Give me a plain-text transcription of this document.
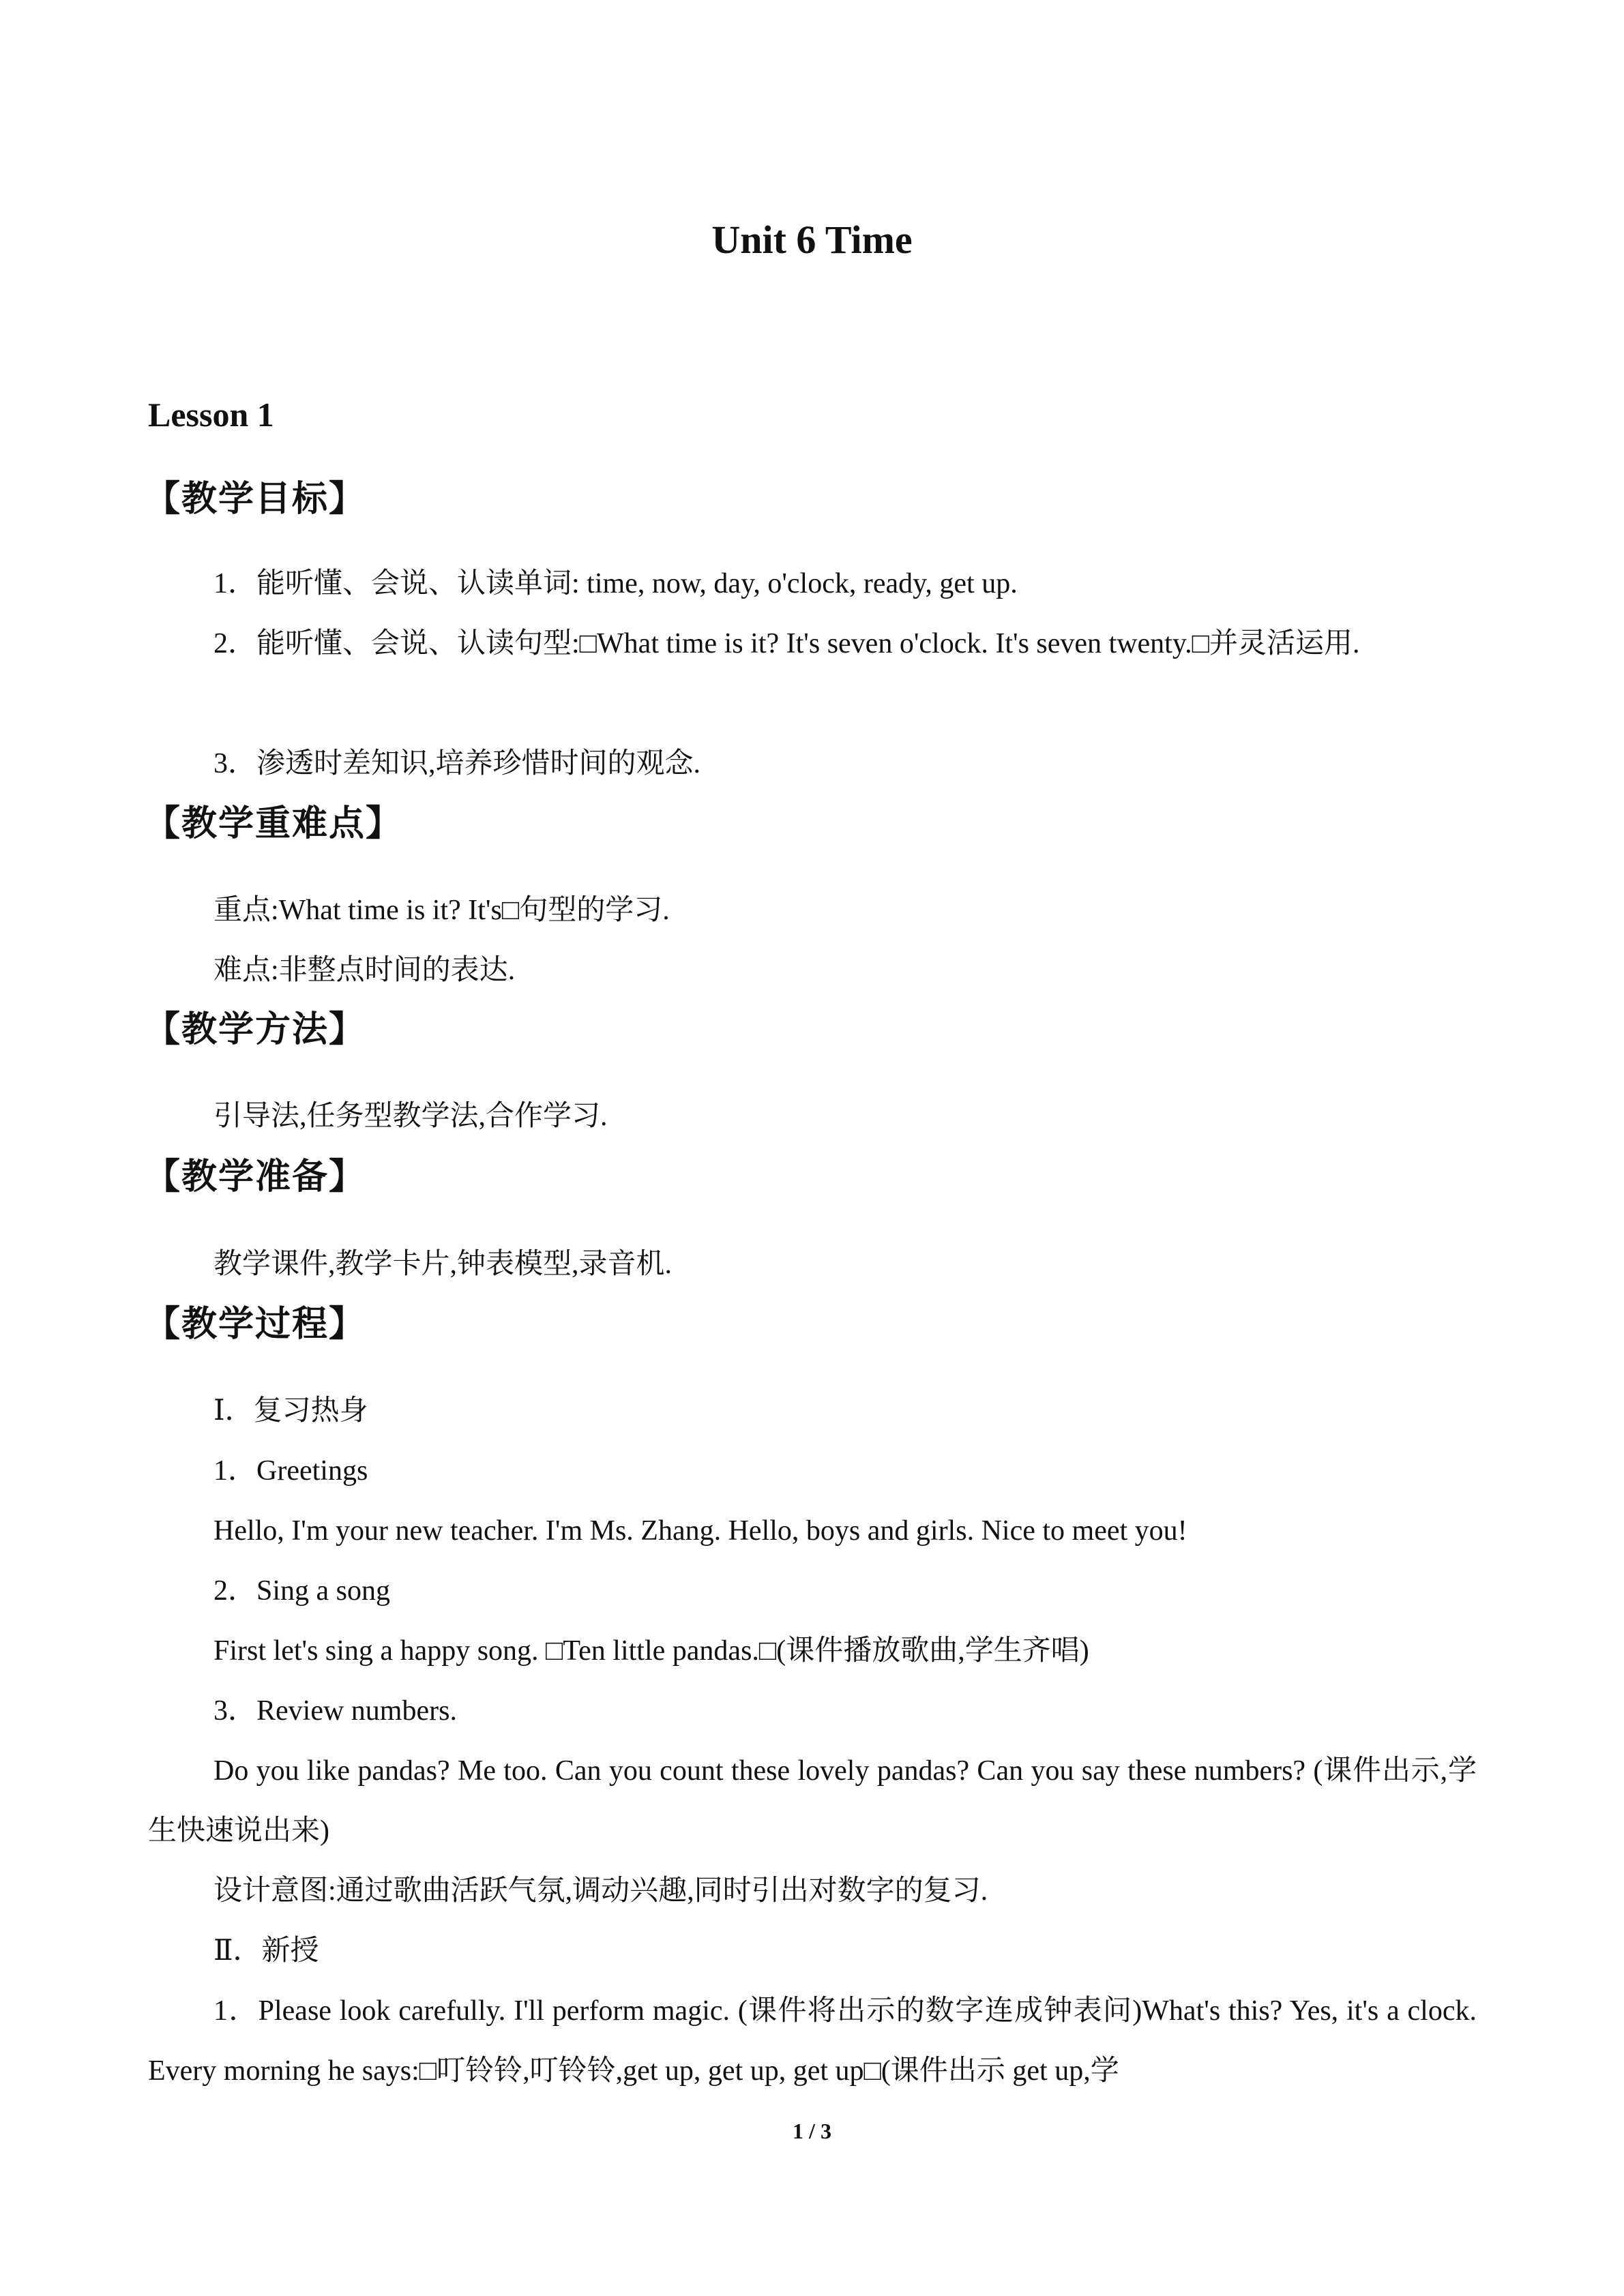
Unit 6 Time
Lesson 1
【教学目标】

1．能听懂、会说、认读单词: time, now, day, o'clock, ready, get up.

2．能听懂、会说、认读句型:□What time is it? It's seven o'clock. It's seven twenty.□并灵活运用.

3．渗透时差知识,培养珍惜时间的观念.

【教学重难点】

重点:What time is it? It's□句型的学习.

难点:非整点时间的表达.

【教学方法】

引导法,任务型教学法,合作学习.

【教学准备】

教学课件,教学卡片,钟表模型,录音机.

【教学过程】

Ⅰ．复习热身

1．Greetings

Hello, I'm your new teacher. I'm Ms. Zhang. Hello, boys and girls. Nice to meet you!

2．Sing a song

First let's sing a happy song. □Ten little pandas.□(课件播放歌曲,学生齐唱)

3．Review numbers.

Do you like pandas? Me too. Can you count these lovely pandas? Can you say these numbers? (课件出示,学生快速说出来)

设计意图:通过歌曲活跃气氛,调动兴趣,同时引出对数字的复习.

Ⅱ．新授

1．Please look carefully. I'll perform magic. (课件将出示的数字连成钟表问)What's this? Yes, it's a clock. Every morning he says:□叮铃铃,叮铃铃,get up, get up, get up□(课件出示 get up,学

1 / 3
